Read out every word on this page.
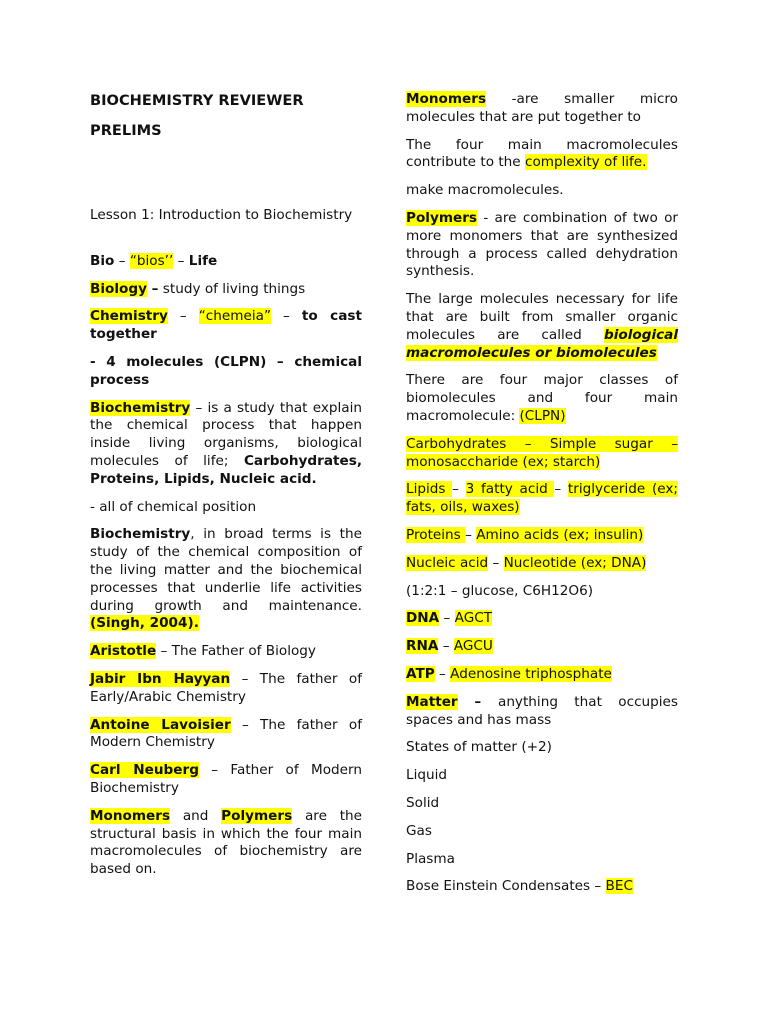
BIOCHEMISTRY REVIEWER

PRELIMS

Lesson 1: Introduction to Biochemistry

Bio – “bios’’ – Life

Biology – study of living things

Chemistry – “chemeia” – to cast together

- 4 molecules (CLPN) – chemical process

Biochemistry – is a study that explain the chemical process that happen inside living organisms, biological molecules of life; Carbohydrates, Proteins, Lipids, Nucleic acid.

- all of chemical position

Biochemistry, in broad terms is the study of the chemical composition of the living matter and the biochemical processes that underlie life activities during growth and maintenance. (Singh, 2004).

Aristotle – The Father of Biology

Jabir Ibn Hayyan – The father of Early/Arabic Chemistry

Antoine Lavoisier – The father of Modern Chemistry

Carl Neuberg – Father of Modern Biochemistry

Monomers and Polymers are the structural basis in which the four main macromolecules of biochemistry are based on.

Monomers -are smaller micro molecules that are put together to

The four main macromolecules contribute to the complexity of life.

make macromolecules.

Polymers - are combination of two or more monomers that are synthesized through a process called dehydration synthesis.

The large molecules necessary for life that are built from smaller organic molecules are called biological macromolecules or biomolecules

There are four major classes of biomolecules and four main macromolecule: (CLPN)

Carbohydrates – Simple sugar – monosaccharide (ex; starch)

Lipids – 3 fatty acid – triglyceride (ex; fats, oils, waxes)

Proteins – Amino acids (ex; insulin)

Nucleic acid – Nucleotide (ex; DNA)

(1:2:1 – glucose, C6H12O6)

DNA – AGCT

RNA – AGCU

ATP – Adenosine triphosphate

Matter – anything that occupies spaces and has mass

States of matter (+2)

Liquid

Solid

Gas

Plasma

Bose Einstein Condensates – BEC
